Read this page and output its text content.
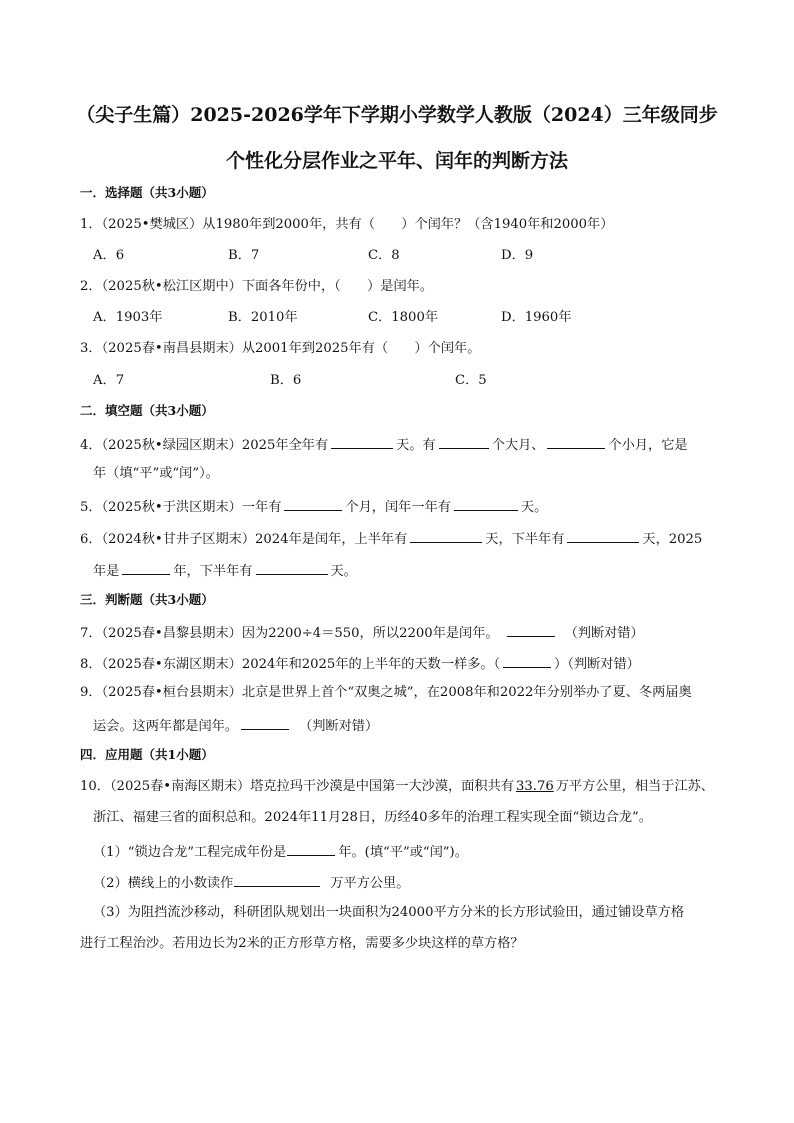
（尖子生篇）2025-2026学年下学期小学数学人教版（2024）三年级同步
个性化分层作业之平年、闰年的判断方法
一．选择题（共3小题）
1．（2025•樊城区）从1980年到2000年，共有（　　）个闰年？（含1940年和2000年）
A．6	B．7	C．8	D．9
2．（2025秋•松江区期中）下面各年份中，（　　）是闰年。
A．1903年	B．2010年	C．1800年	D．1960年
3．（2025春•南昌县期末）从2001年到2025年有（　　）个闰年。
A．7	B．6	C．5
二．填空题（共3小题）
4．（2025秋•绿园区期末）2025年全年有	天。有	个大月、	个小月，它是
年（填“平”或“闰”）。
5．（2025秋•于洪区期末）一年有	个月，闰年一年有	天。
6．（2024秋•甘井子区期末）2024年是闰年，上半年有	天，下半年有	天，2025
年是	年，下半年有	天。
三．判断题（共3小题）
7．（2025春•昌黎县期末）因为2200÷4＝550，所以2200年是闰年。	（判断对错）
8．（2025春•东湖区期末）2024年和2025年的上半年的天数一样多。（	）（判断对错）
9．（2025春•桓台县期末）北京是世界上首个“双奥之城”，在2008年和2022年分别举办了夏、冬两届奥
运会。这两年都是闰年。	（判断对错）
四．应用题（共1小题）
10．（2025春•南海区期末）塔克拉玛干沙漠是中国第一大沙漠，面积共有 33.76 万平方公里，相当于江苏、
浙江、福建三省的面积总和。2024年11月28日，历经40多年的治理工程实现全面“锁边合龙”。
（1）“锁边合龙”工程完成年份是	年。(填“平”或“闰”)。
（2）横线上的小数读作	万平方公里。
（3）为阻挡流沙移动，科研团队规划出一块面积为24000平方分米的长方形试验田，通过铺设草方格
进行工程治沙。若用边长为2米的正方形草方格，需要多少块这样的草方格？
